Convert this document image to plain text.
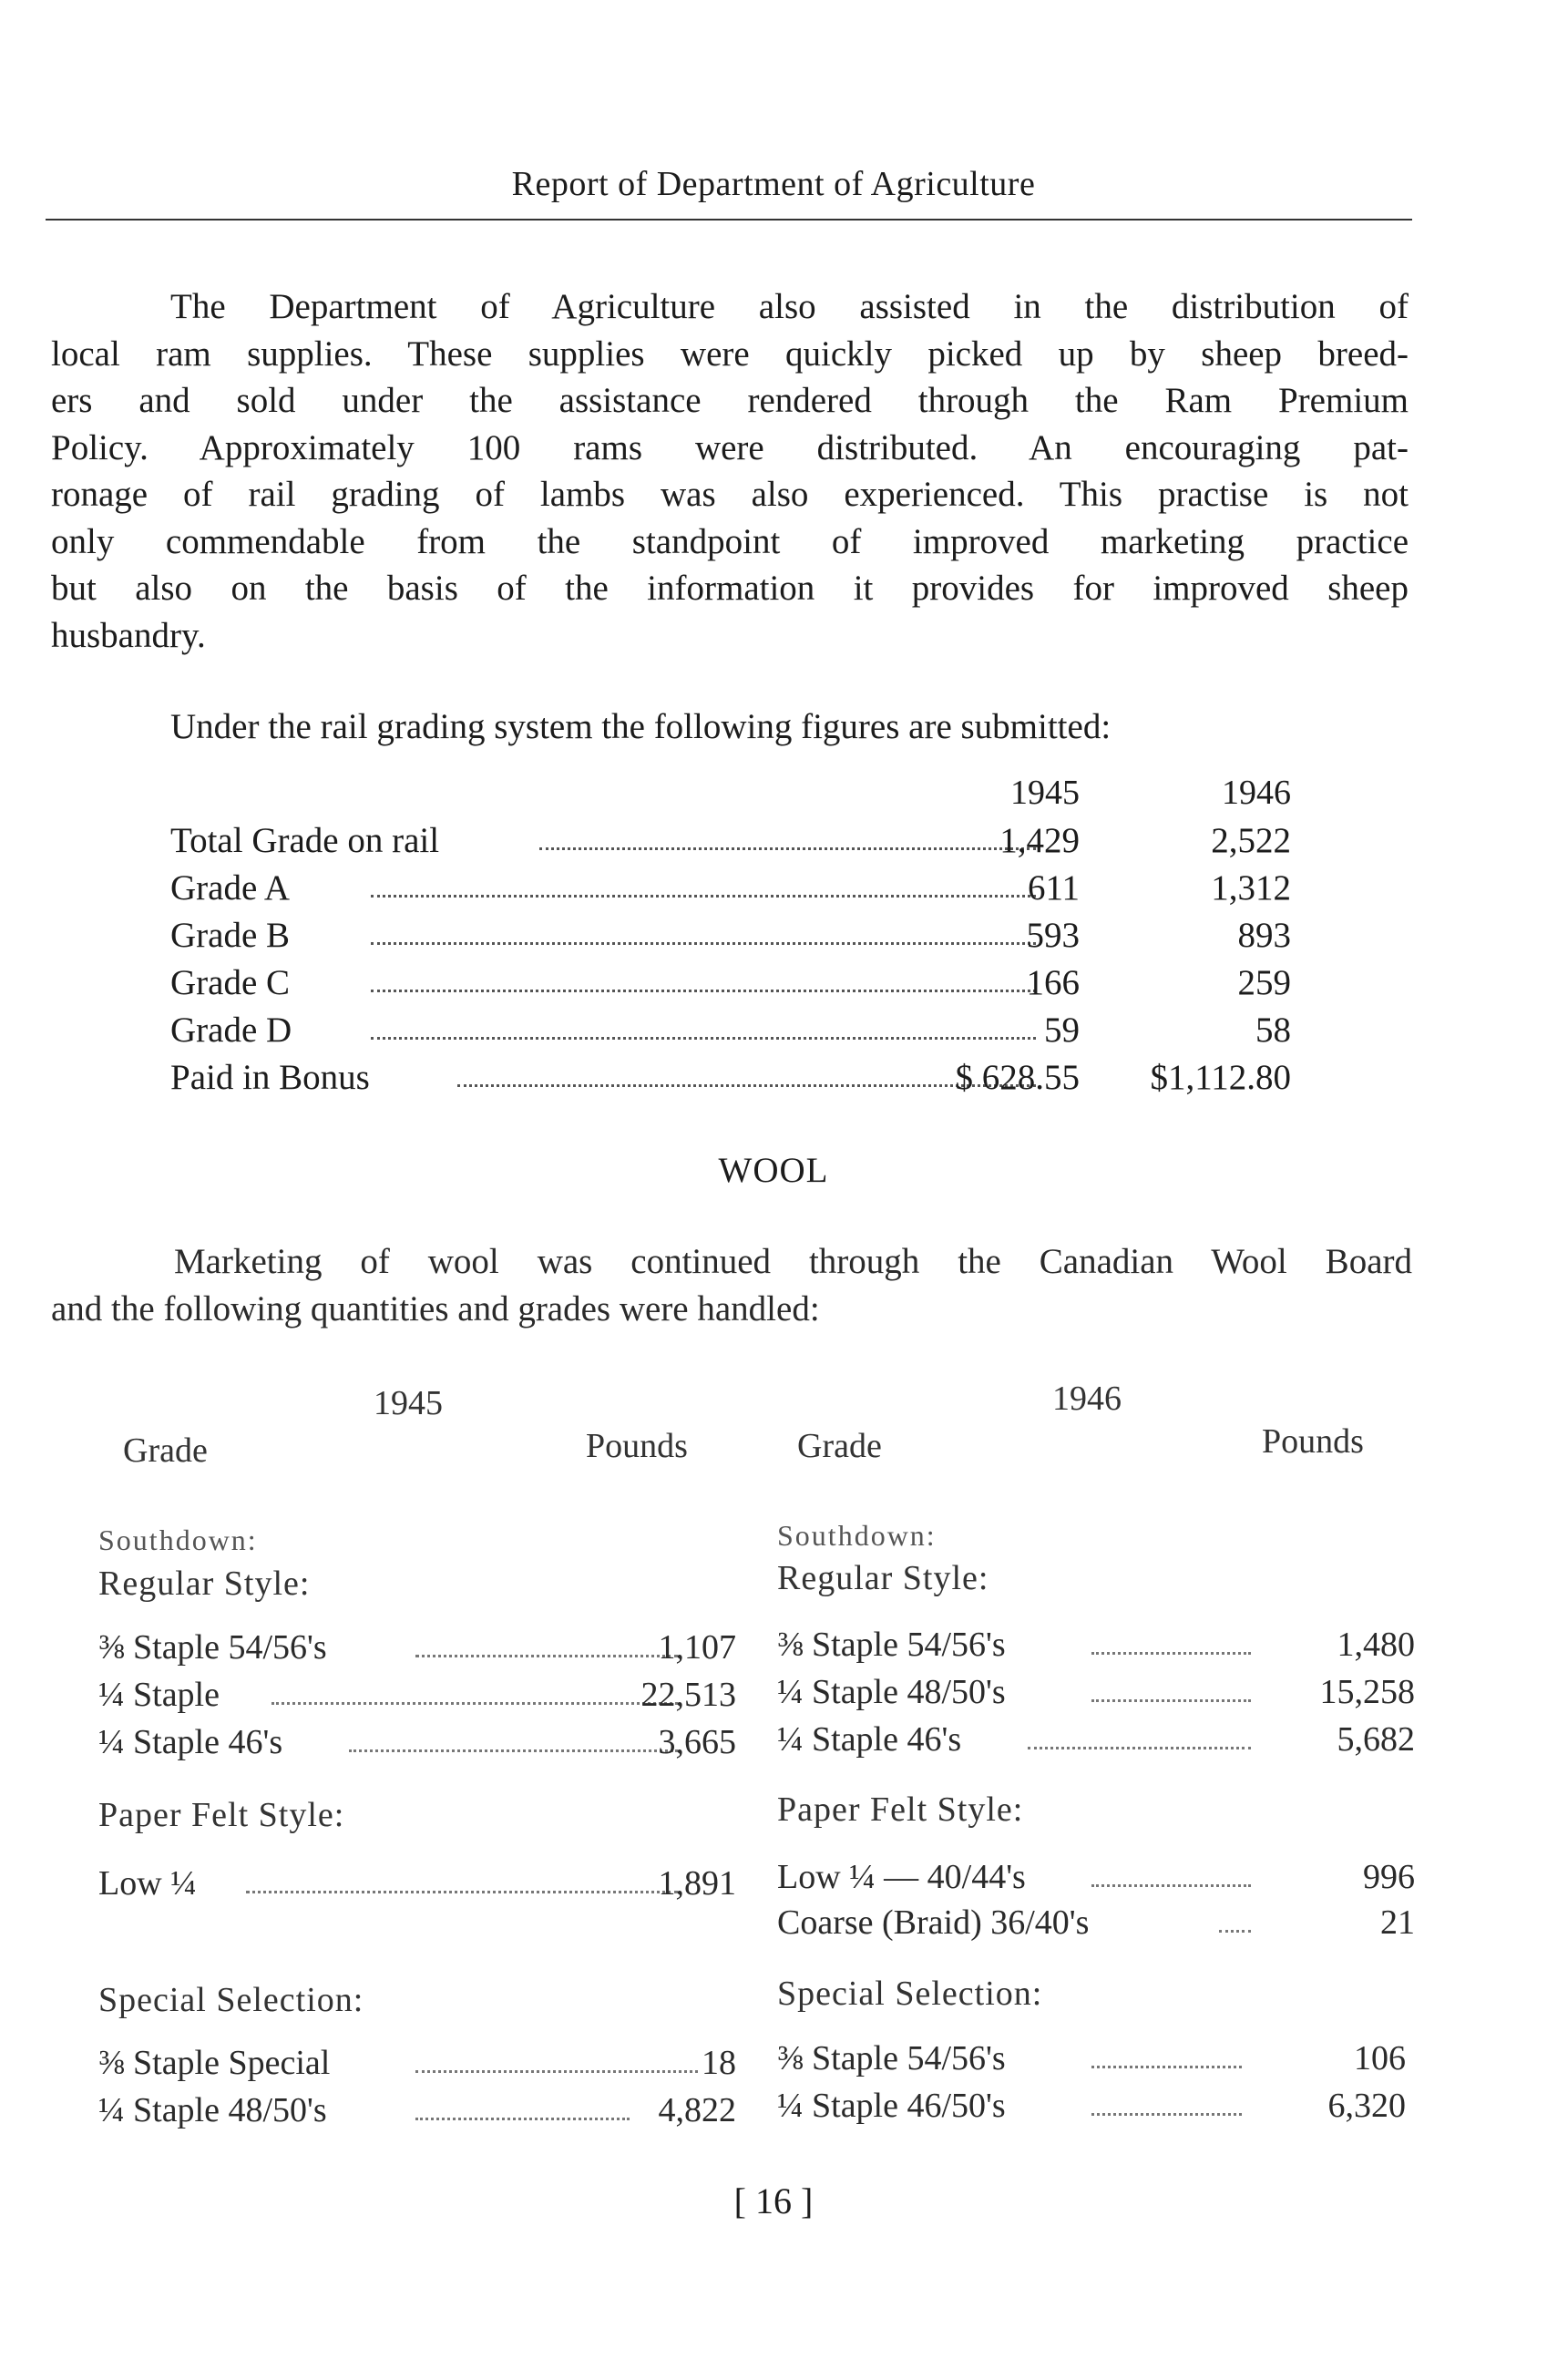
Report of Department of Agriculture
The Department of Agriculture also assisted in the distribution of
local ram supplies. These supplies were quickly picked up by sheep breed-
ers and sold under the assistance rendered through the Ram Premium
Policy. Approximately 100 rams were distributed. An encouraging pat-
ronage of rail grading of lambs was also experienced. This practise is not
only commendable from the standpoint of improved marketing practice
but also on the basis of the information it provides for improved sheep
husbandry.
Under the rail grading system the following figures are submitted:
1945	1946
Total Grade on rail	1,429	2,522
Grade A	611	1,312
Grade B	593	893
Grade C	166	259
Grade D	59	58
Paid in Bonus	$ 628.55 $1,112.80
WOOL
Marketing of wool was continued through the Canadian Wool Board
and the following quantities and grades were handled:
1945
Grade	Pounds
1946
Grade	Pounds
Southdown:
Regular Style:
⅜ Staple 54/56's	1,107
¼ Staple	22,513
¼ Staple 46's	3,665
Paper Felt Style:
Low ¼	1,891
Special Selection:
⅜ Staple Special	18
¼ Staple 48/50's	4,822
Southdown:
Regular Style:
⅜ Staple 54/56's	1,480
¼ Staple 48/50's	15,258
¼ Staple 46's	5,682
Paper Felt Style:
Low ¼ — 40/44's	996
Coarse (Braid) 36/40's	21
Special Selection:
⅜ Staple 54/56's	106
¼ Staple 46/50's	6,320
[ 16 ]
